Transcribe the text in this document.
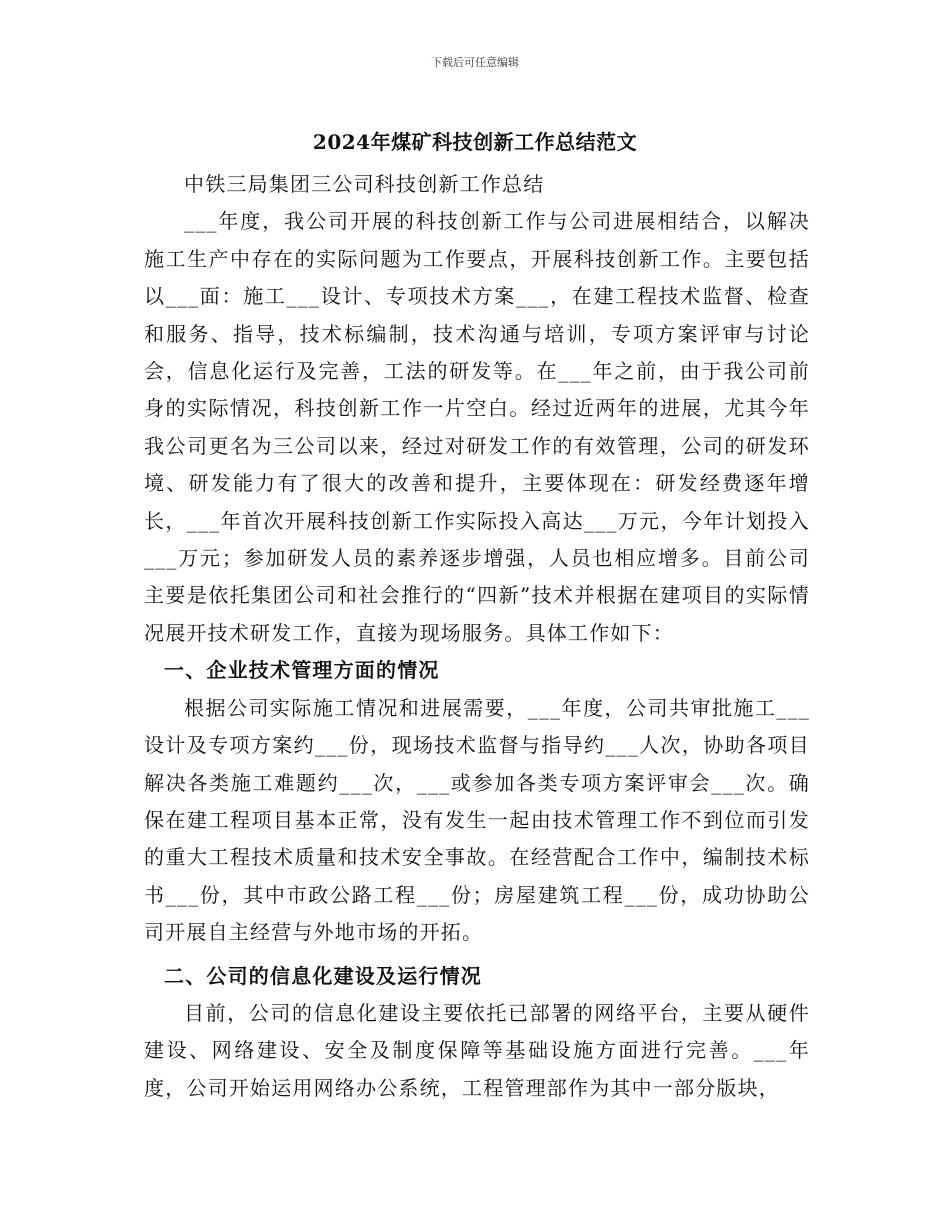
下载后可任意编辑
2024年煤矿科技创新工作总结范文

中铁三局集团三公司科技创新工作总结

___年度，我公司开展的科技创新工作与公司进展相结合，以解决施工生产中存在的实际问题为工作要点，开展科技创新工作。主要包括以___面：施工___设计、专项技术方案___，在建工程技术监督、检查和服务、指导，技术标编制，技术沟通与培训，专项方案评审与讨论会，信息化运行及完善，工法的研发等。在___年之前，由于我公司前身的实际情况，科技创新工作一片空白。经过近两年的进展，尤其今年我公司更名为三公司以来，经过对研发工作的有效管理，公司的研发环境、研发能力有了很大的改善和提升，主要体现在：研发经费逐年增长，___年首次开展科技创新工作实际投入高达___万元，今年计划投入___万元；参加研发人员的素养逐步增强，人员也相应增多。目前公司主要是依托集团公司和社会推行的“四新”技术并根据在建项目的实际情况展开技术研发工作，直接为现场服务。具体工作如下：

一、企业技术管理方面的情况

根据公司实际施工情况和进展需要，___年度，公司共审批施工___设计及专项方案约___份，现场技术监督与指导约___人次，协助各项目解决各类施工难题约___次，___或参加各类专项方案评审会___次。确保在建工程项目基本正常，没有发生一起由技术管理工作不到位而引发的重大工程技术质量和技术安全事故。在经营配合工作中，编制技术标书___份，其中市政公路工程___份；房屋建筑工程___份，成功协助公司开展自主经营与外地市场的开拓。

二、公司的信息化建设及运行情况

目前，公司的信息化建设主要依托已部署的网络平台，主要从硬件建设、网络建设、安全及制度保障等基础设施方面进行完善。___年度，公司开始运用网络办公系统，工程管理部作为其中一部分版块，
